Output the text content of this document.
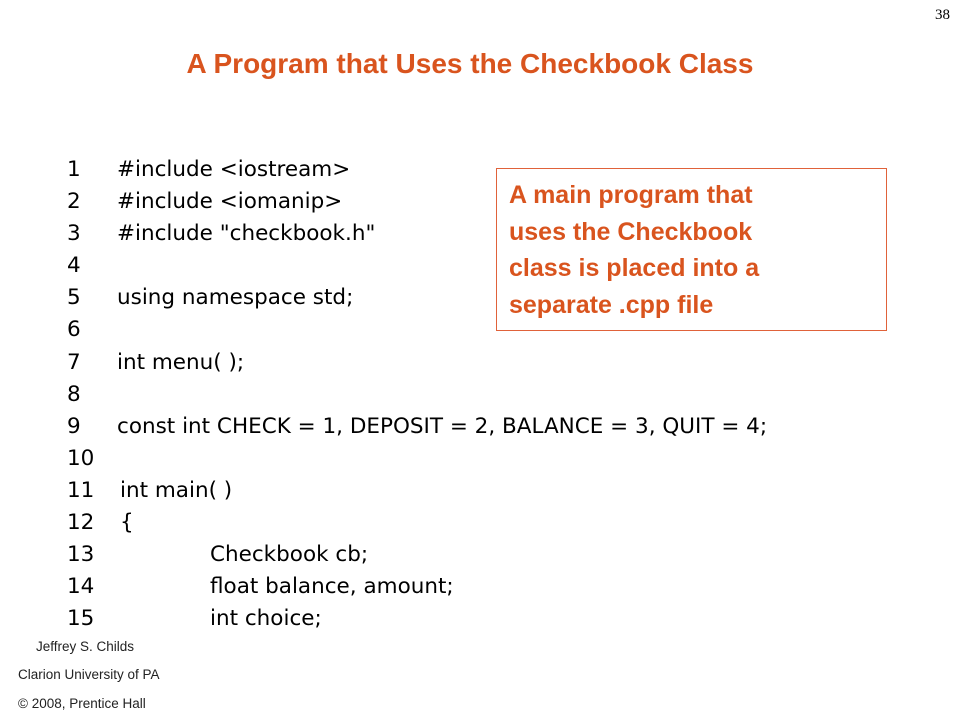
38
A Program that Uses the Checkbook Class

1

#include <iostream>

2

#include <iomanip>

3

#include "checkbook.h"

4

5

using namespace std;

6

7

int menu( );

8

9

const int CHECK = 1, DEPOSIT = 2, BALANCE = 3, QUIT = 4;

10

11

int main( )

12

{

13

	Checkbook cb;

14

	float balance, amount;

15

	int choice;

A main program that
uses the Checkbook
class is placed into a
separate .cpp file
Jeffrey S. Childs
Clarion University of PA
© 2008, Prentice Hall
